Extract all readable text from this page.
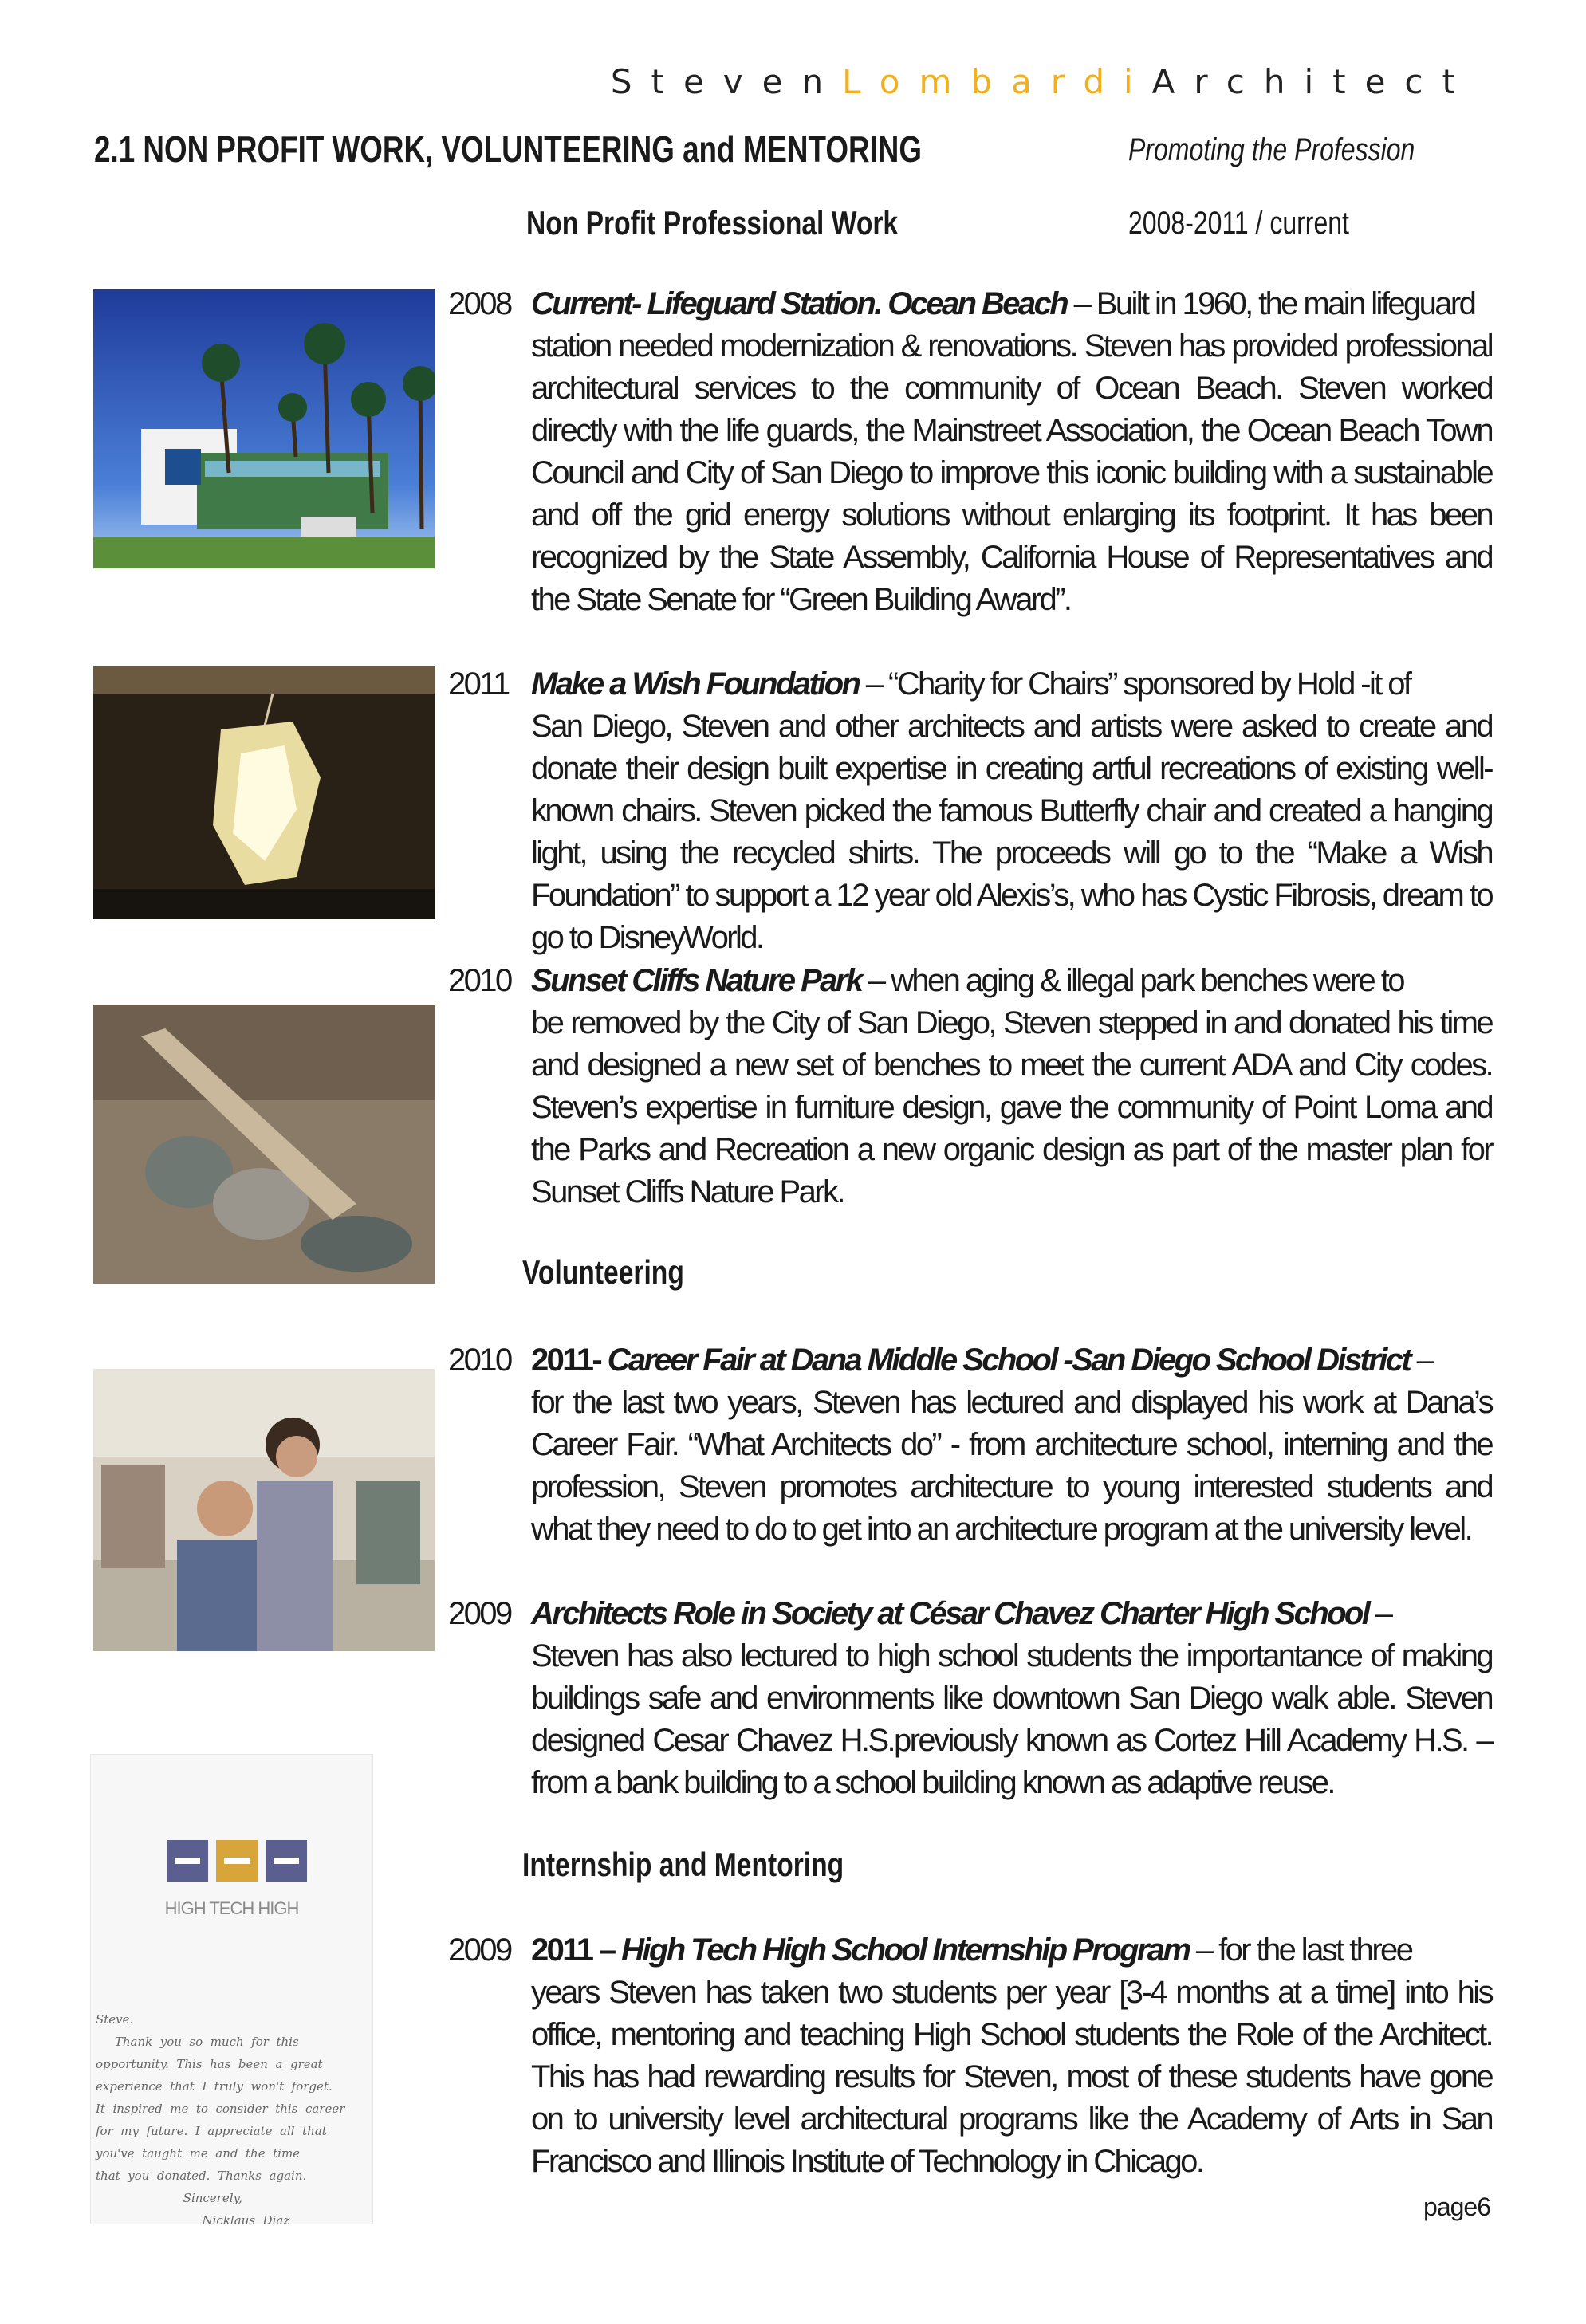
StevenLombardiArchitect
2.1 NON PROFIT WORK, VOLUNTEERING and MENTORING	Promoting the Profession
Non Profit Professional Work	2008-2011 / current
2008 Current- Lifeguard Station. Ocean Beach – Built in 1960, the main lifeguard
station needed modernization & renovations. Steven has provided professional architectural services to the community of Ocean Beach. Steven worked directly with the life guards, the Mainstreet Association, the Ocean Beach Town Council and City of San Diego to improve this iconic building with a sustainable and off the grid energy solutions without enlarging its footprint. It has been recognized by the State Assembly, California House of Representatives and the State Senate for “Green Building Award”.
2011 Make a Wish Foundation – “Charity for Chairs” sponsored by Hold -it of
San Diego, Steven and other architects and artists were asked to create and donate their design built expertise in creating artful recreations of existing well-known chairs. Steven picked the famous Butterfly chair and created a hanging light, using the recycled shirts. The proceeds will go to the “Make a Wish Foundation” to support a 12 year old Alexis’s, who has Cystic Fibrosis, dream to go to DisneyWorld.
2010 Sunset Cliffs Nature Park – when aging & illegal park benches were to
be removed by the City of San Diego, Steven stepped in and donated his time and designed a new set of benches to meet the current ADA and City codes. Steven’s expertise in furniture design, gave the community of Point Loma and the Parks and Recreation a new organic design as part of the master plan for Sunset Cliffs Nature Park.
Volunteering
2010 2011- Career Fair at Dana Middle School -San Diego School District –
for the last two years, Steven has lectured and displayed his work at Dana’s Career Fair. “What Architects do” - from architecture school, interning and the profession, Steven promotes architecture to young interested students and what they need to do to get into an architecture program at the university level.
2009 Architects Role in Society at César Chavez Charter High School –
Steven has also lectured to high school students the importantance of making buildings safe and environments like downtown San Diego walk able. Steven designed Cesar Chavez H.S.previously known as Cortez Hill Academy H.S. – from a bank building to a school building known as adaptive reuse.
HIGH TECH HIGH
Steve.
Thank  you  so  much  for  this
opportunity.  This  has  been  a  great
experience  that  I  truly  won't  forget.
It  inspired  me  to  consider  this  career
for  my  future.  I  appreciate  all  that
you've  taught  me  and  the  time
that  you  donated.  Thanks  again.
Sincerely,
Nicklaus  Diaz
Internship and Mentoring
2009 2011 – High Tech High School Internship Program – for the last three
years Steven has taken two students per year [3-4 months at a time] into his office, mentoring and teaching High School students the Role of the Architect. This has had rewarding results for Steven, most of these students have gone on to university level architectural programs like the Academy of Arts in San Francisco and Illinois Institute of Technology in Chicago.
page6
